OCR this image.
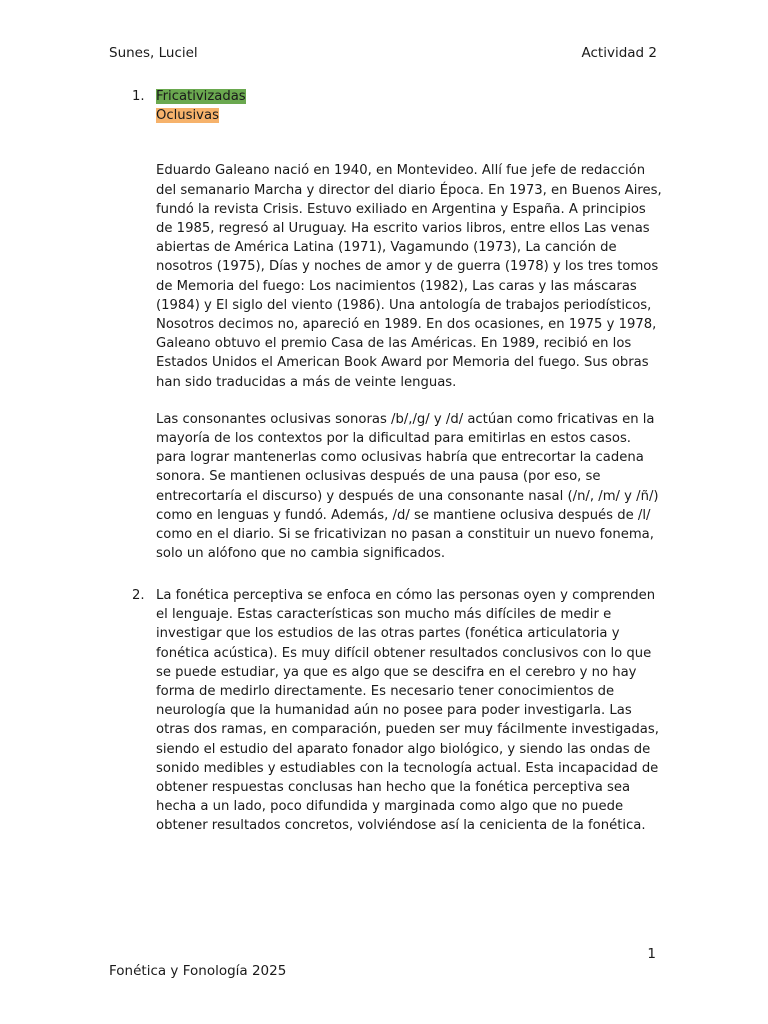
Sunes, Luciel	Actividad 2
1. Fricativizadas
Oclusivas

Eduardo Galeano nació en 1940, en Montevideo. Allí fue jefe de redacción del semanario Marcha y director del diario Época. En 1973, en Buenos Aires, fundó la revista Crisis. Estuvo exiliado en Argentina y España. A principios de 1985, regresó al Uruguay. Ha escrito varios libros, entre ellos Las venas abiertas de América Latina (1971), Vagamundo (1973), La canción de nosotros (1975), Días y noches de amor y de guerra (1978) y los tres tomos de Memoria del fuego: Los nacimientos (1982), Las caras y las máscaras (1984) y El siglo del viento (1986). Una antología de trabajos periodísticos, Nosotros decimos no, apareció en 1989. En dos ocasiones, en 1975 y 1978, Galeano obtuvo el premio Casa de las Américas. En 1989, recibió en los Estados Unidos el American Book Award por Memoria del fuego. Sus obras han sido traducidas a más de veinte lenguas.

Las consonantes oclusivas sonoras /b/,/g/ y /d/ actúan como fricativas en la mayoría de los contextos por la dificultad para emitirlas en estos casos. para lograr mantenerlas como oclusivas habría que entrecortar la cadena sonora. Se mantienen oclusivas después de una pausa (por eso, se entrecortaría el discurso) y después de una consonante nasal (/n/, /m/ y /ñ/) como en lenguas y fundó. Además, /d/ se mantiene oclusiva después de /l/ como en el diario. Si se fricativizan no pasan a constituir un nuevo fonema, solo un alófono que no cambia significados.

2. La fonética perceptiva se enfoca en cómo las personas oyen y comprenden el lenguaje. Estas características son mucho más difíciles de medir e investigar que los estudios de las otras partes (fonética articulatoria y fonética acústica). Es muy difícil obtener resultados conclusivos con lo que se puede estudiar, ya que es algo que se descifra en el cerebro y no hay forma de medirlo directamente. Es necesario tener conocimientos de neurología que la humanidad aún no posee para poder investigarla. Las otras dos ramas, en comparación, pueden ser muy fácilmente investigadas, siendo el estudio del aparato fonador algo biológico, y siendo las ondas de sonido medibles y estudiables con la tecnología actual. Esta incapacidad de obtener respuestas conclusas han hecho que la fonética perceptiva sea hecha a un lado, poco difundida y marginada como algo que no puede obtener resultados concretos, volviéndose así la cenicienta de la fonética.

1
Fonética y Fonología 2025
